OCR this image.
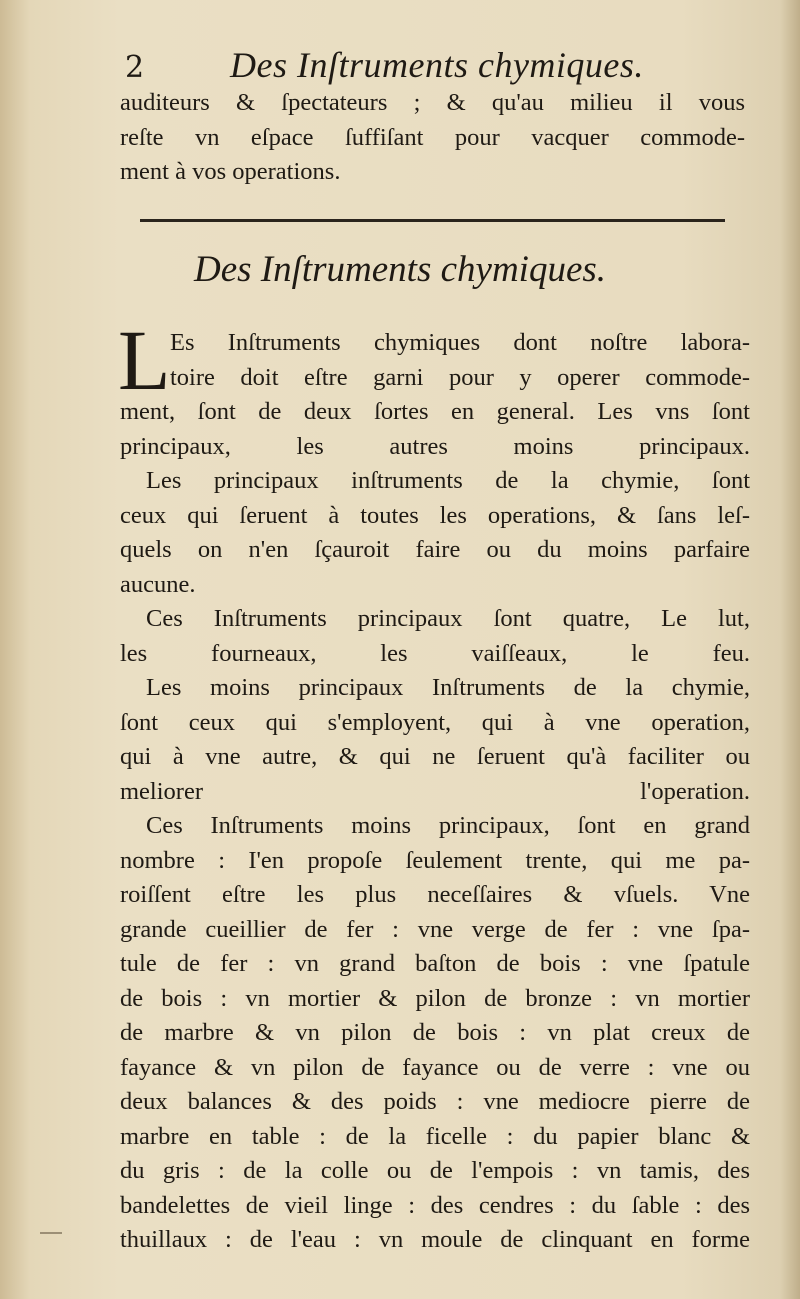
2 Des Inſtruments chymiques.
auditeurs & ſpectateurs ; & qu'au milieu il vous
reſte vn eſpace ſuffiſant pour vacquer commode-
ment à vos operations.
Des Inſtruments chymiques.
L Es Inſtruments chymiques dont noſtre labora-
toire doit eſtre garni pour y operer commode-
ment, ſont de deux ſortes en general. Les vns ſont
principaux, les autres moins principaux.
Les principaux inſtruments de la chymie, ſont
ceux qui ſeruent à toutes les operations, & ſans leſ-
quels on n'en ſçauroit faire ou du moins parfaire
aucune.
Ces Inſtruments principaux ſont quatre, Le lut,
les fourneaux, les vaiſſeaux, le feu.
Les moins principaux Inſtruments de la chymie,
ſont ceux qui s'employent, qui à vne operation,
qui à vne autre, & qui ne ſeruent qu'à faciliter ou
meliorer l'operation.
Ces Inſtruments moins principaux, ſont en grand
nombre : I'en propoſe ſeulement trente, qui me pa-
roiſſent eſtre les plus neceſſaires & vſuels. Vne
grande cueillier de fer : vne verge de fer : vne ſpa-
tule de fer : vn grand baſton de bois : vne ſpatule
de bois : vn mortier & pilon de bronze : vn mortier
de marbre & vn pilon de bois : vn plat creux de
fayance & vn pilon de fayance ou de verre : vne ou
deux balances & des poids : vne mediocre pierre de
marbre en table : de la ficelle : du papier blanc &
du gris : de la colle ou de l'empois : vn tamis, des
bandelettes de vieil linge : des cendres : du ſable : des
thuillaux : de l'eau : vn moule de clinquant en forme
